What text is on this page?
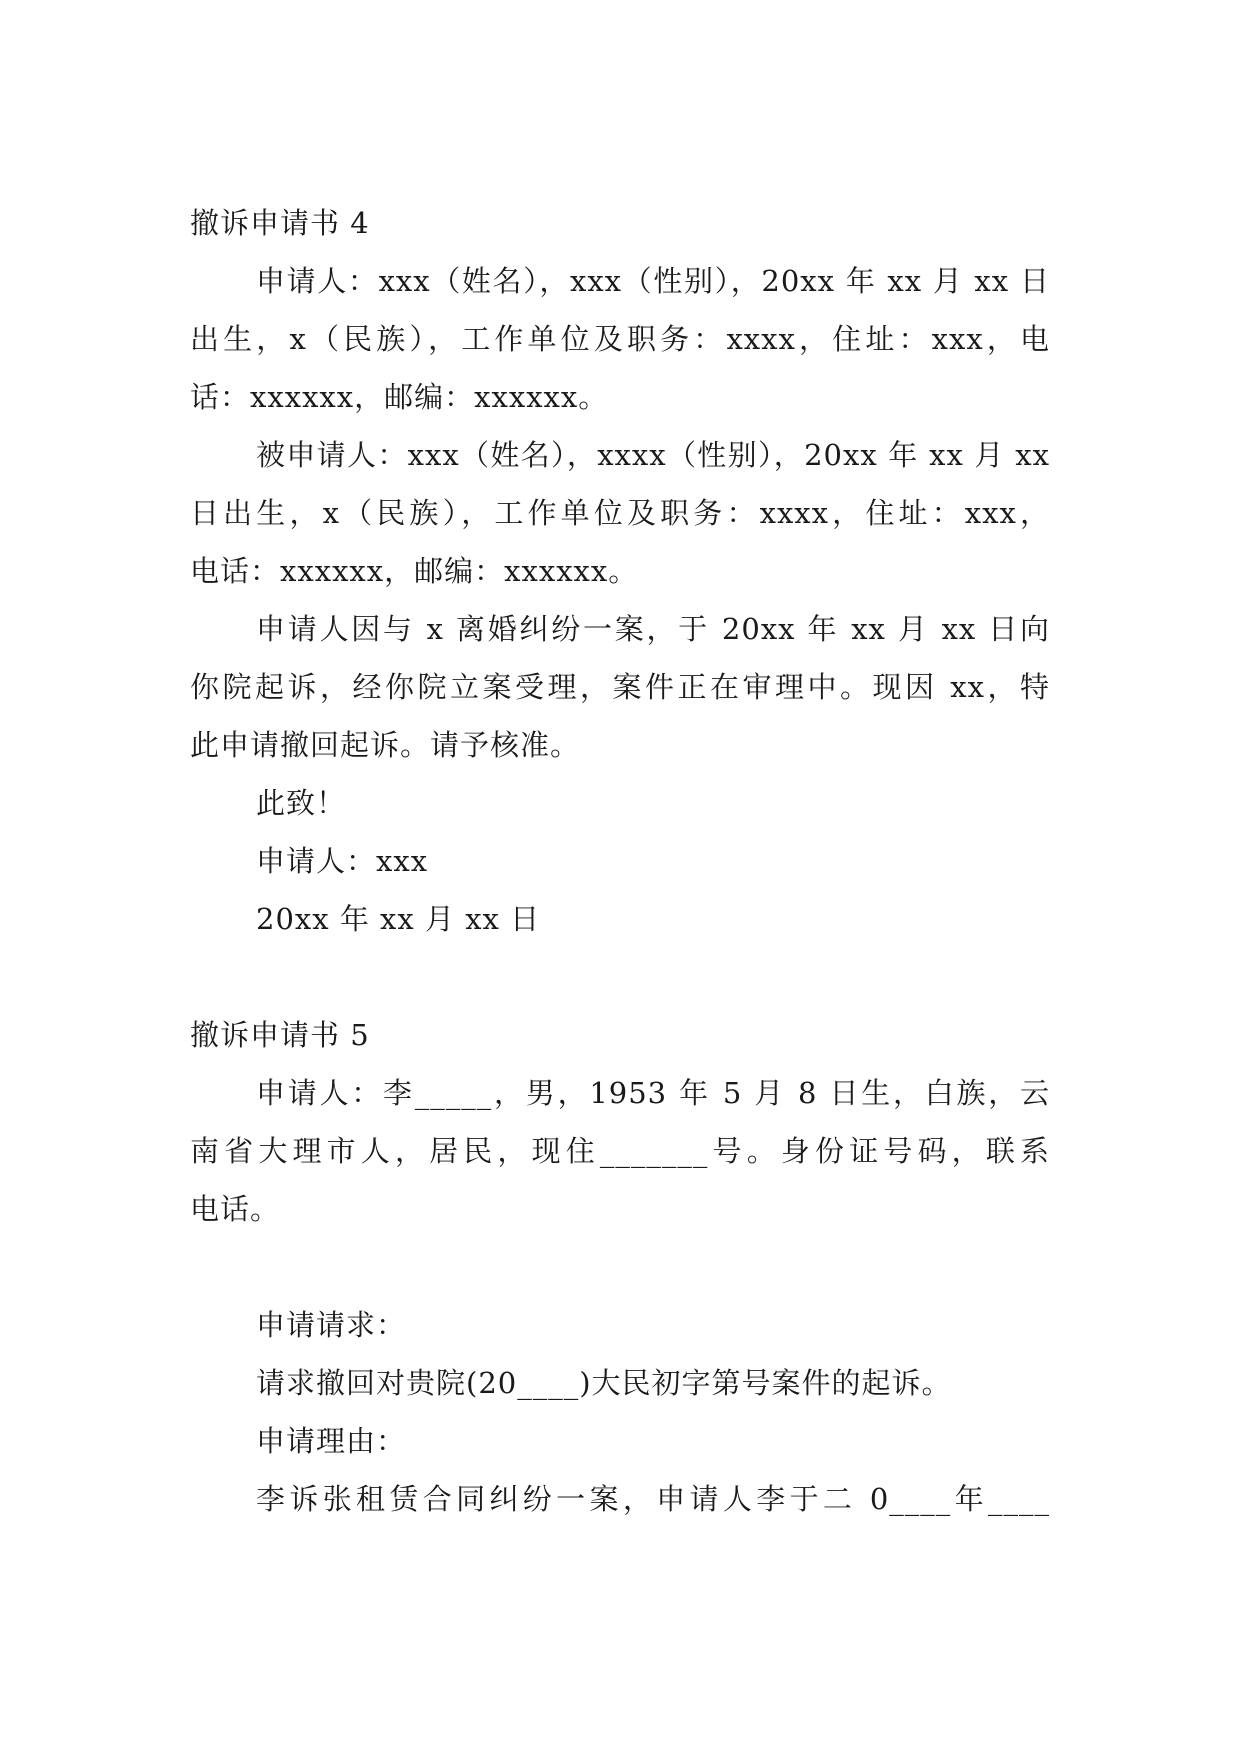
撤诉申请书 4
申请人：xxx（姓名），xxx（性别），20xx 年 xx 月 xx 日
出生，x（民族），工作单位及职务：xxxx，住址：xxx，电
话：xxxxxx，邮编：xxxxxx。
被申请人：xxx（姓名），xxxx（性别），20xx 年 xx 月 xx
日出生，x（民族），工作单位及职务：xxxx，住址：xxx，
电话：xxxxxx，邮编：xxxxxx。
申请人因与 x 离婚纠纷一案，于 20xx 年 xx 月 xx 日向
你院起诉，经你院立案受理，案件正在审理中。现因 xx，特
此申请撤回起诉。请予核准。
此致！
申请人：xxx
20xx 年 xx 月 xx 日
撤诉申请书 5
申请人：李_____，男，1953 年 5 月 8 日生，白族，云
南省大理市人，居民，现住_______号。身份证号码，联系
电话。
申请请求：
请求撤回对贵院(20____)大民初字第号案件的起诉。
申请理由：
李诉张租赁合同纠纷一案，申请人李于二 0____年____
